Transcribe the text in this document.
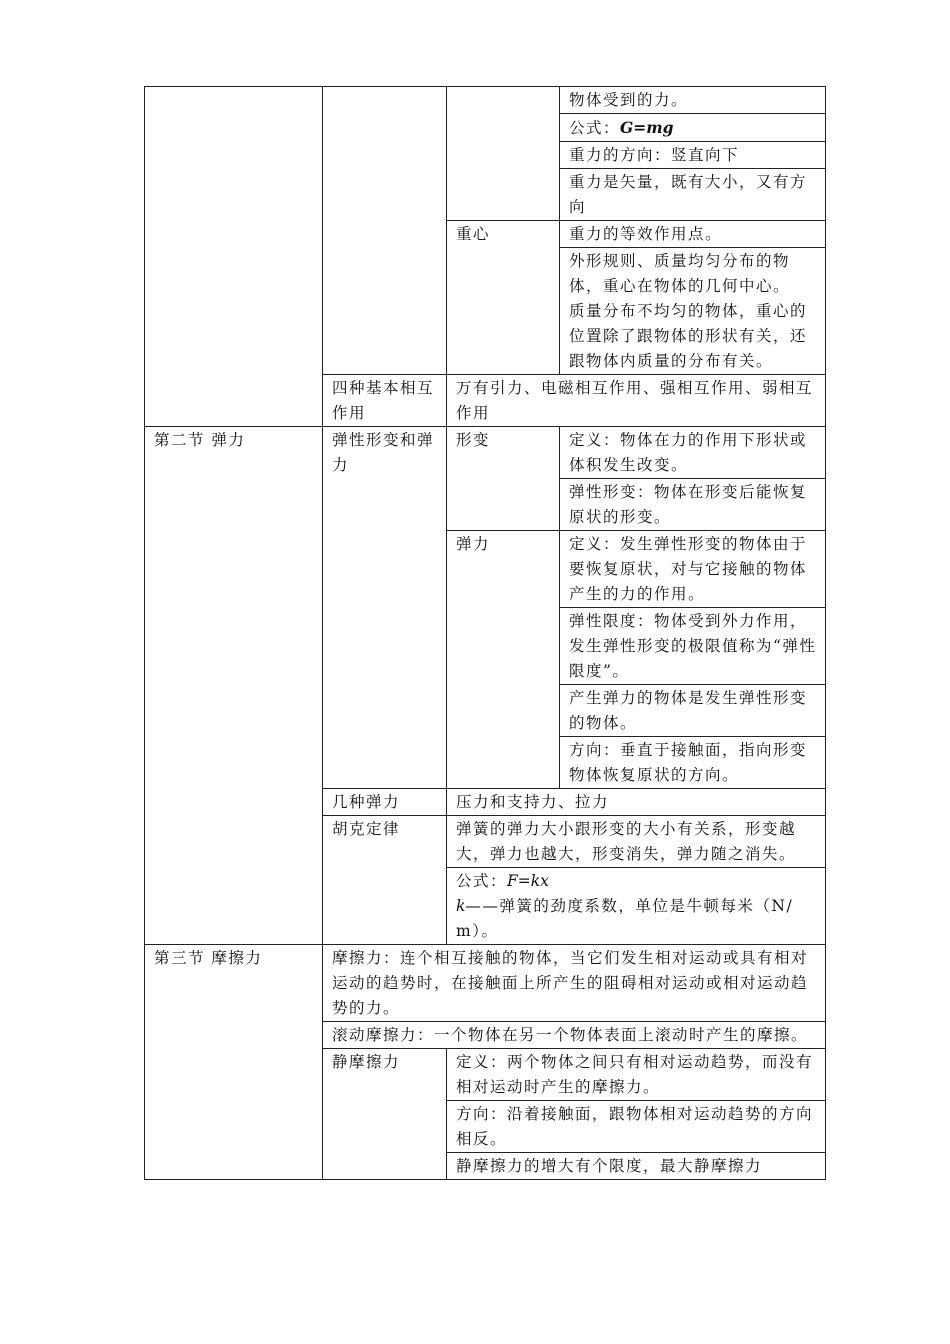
			物体受到的力。
			公式：G=mg
			重力的方向：竖直向下
			重力是矢量，既有大小，又有方向
		重心	重力的等效作用点。

			外形规则、质量均匀分布的物体，重心在物体的几何中心。
质量分布不均匀的物体，重心的位置除了跟物体的形状有关，还跟物体内质量的分布有关。

	四种基本相互作用	万有引力、电磁相互作用、强相互作用、弱相互作用	
第二节 弹力	弹性形变和弹力	形变	定义：物体在力的作用下形状或体积发生改变。
			弹性形变：物体在形变后能恢复原状的形变。
		弹力	定义：发生弹性形变的物体由于要恢复原状，对与它接触的物体产生的力的作用。
			弹性限度：物体受到外力作用，发生弹性形变的极限值称为“弹性限度”。
			产生弹力的物体是发生弹性形变的物体。
			方向：垂直于接触面，指向形变物体恢复原状的方向。
	几种弹力	压力和支持力、拉力	
	胡克定律	弹簧的弹力大小跟形变的大小有关系，形变越大，弹力也越大，形变消失，弹力随之消失。	

		公式：F=kx
k——弹簧的劲度系数，单位是牛顿每米（N/m）。	

第三节 摩擦力	摩擦力：连个相互接触的物体，当它们发生相对运动或具有相对运动的趋势时，在接触面上所产生的阻碍相对运动或相对运动趋势的力。		
	滚动摩擦力：一个物体在另一个物体表面上滚动时产生的摩擦。		
	静摩擦力	定义：两个物体之间只有相对运动趋势，而没有相对运动时产生的摩擦力。	
		方向：沿着接触面，跟物体相对运动趋势的方向相反。	
		静摩擦力的增大有个限度，最大静摩擦力	
